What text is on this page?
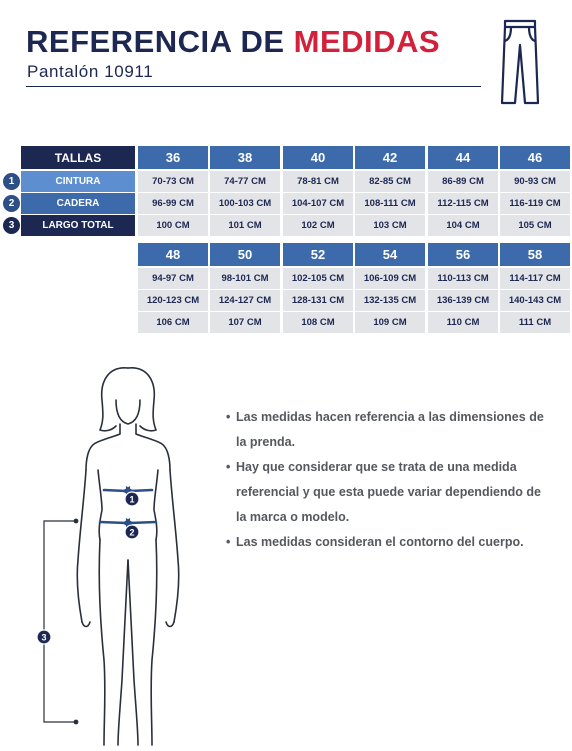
REFERENCIA DE MEDIDAS
Pantalón 10911
TALLAS
CINTURA
CADERA
LARGO TOTAL
1
2
3
36
70-73 CM
96-99 CM
100 CM
38
74-77 CM
100-103 CM
101 CM
40
78-81 CM
104-107 CM
102 CM
42
82-85 CM
108-111 CM
103 CM
44
86-89 CM
112-115 CM
104 CM
46
90-93 CM
116-119 CM
105 CM
48
94-97 CM
120-123 CM
106 CM
50
98-101 CM
124-127 CM
107 CM
52
102-105 CM
128-131 CM
108 CM
54
106-109 CM
132-135 CM
109 CM
56
110-113 CM
136-139 CM
110 CM
58
114-117 CM
140-143 CM
111 CM
• Las medidas hacen referencia a las dimensiones de la prenda.
• Hay que considerar que se trata de una medida referencial y que esta puede variar dependiendo de la marca o modelo.
• Las medidas consideran el contorno del cuerpo.
1
2
3
